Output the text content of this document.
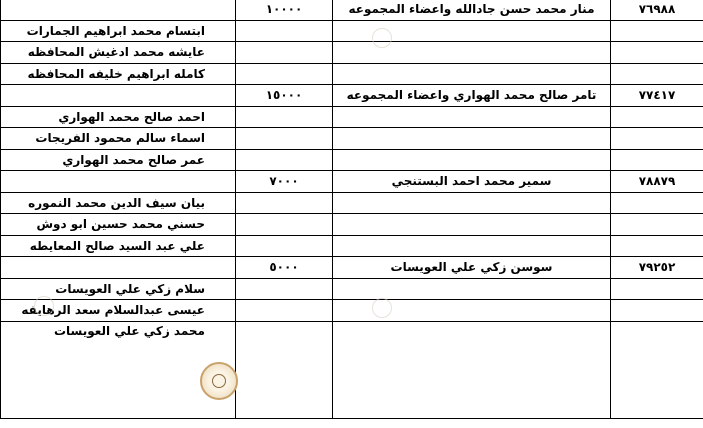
	١٠٠٠٠	منار محمد حسن جادالله واعضاء المجموعه	٧٦٩٨٨
ابتسام محمد ابراهيم الجمارات			
عايشه محمد ادغيش المحافظه			
كامله ابراهيم خليفه المحافظه			
	١٥٠٠٠	تامر صالح محمد الهواري واعضاء المجموعه	٧٧٤١٧
احمد صالح محمد الهواري			
اسماء سالم محمود الفريجات			
عمر صالح محمد الهواري			
	٧٠٠٠	سمير محمد احمد البستنجي	٧٨٨٧٩
بيان سيف الدين محمد النموره			
حسني محمد حسين ابو دوش			
علي عبد السيد صالح المعايطه			
	٥٠٠٠	سوسن زكي علي العويسات	٧٩٢٥٢
سلام زكي علي العويسات			
عيسى عبدالسلام سعد الرهايفه			
محمد زكي علي العويسات			
